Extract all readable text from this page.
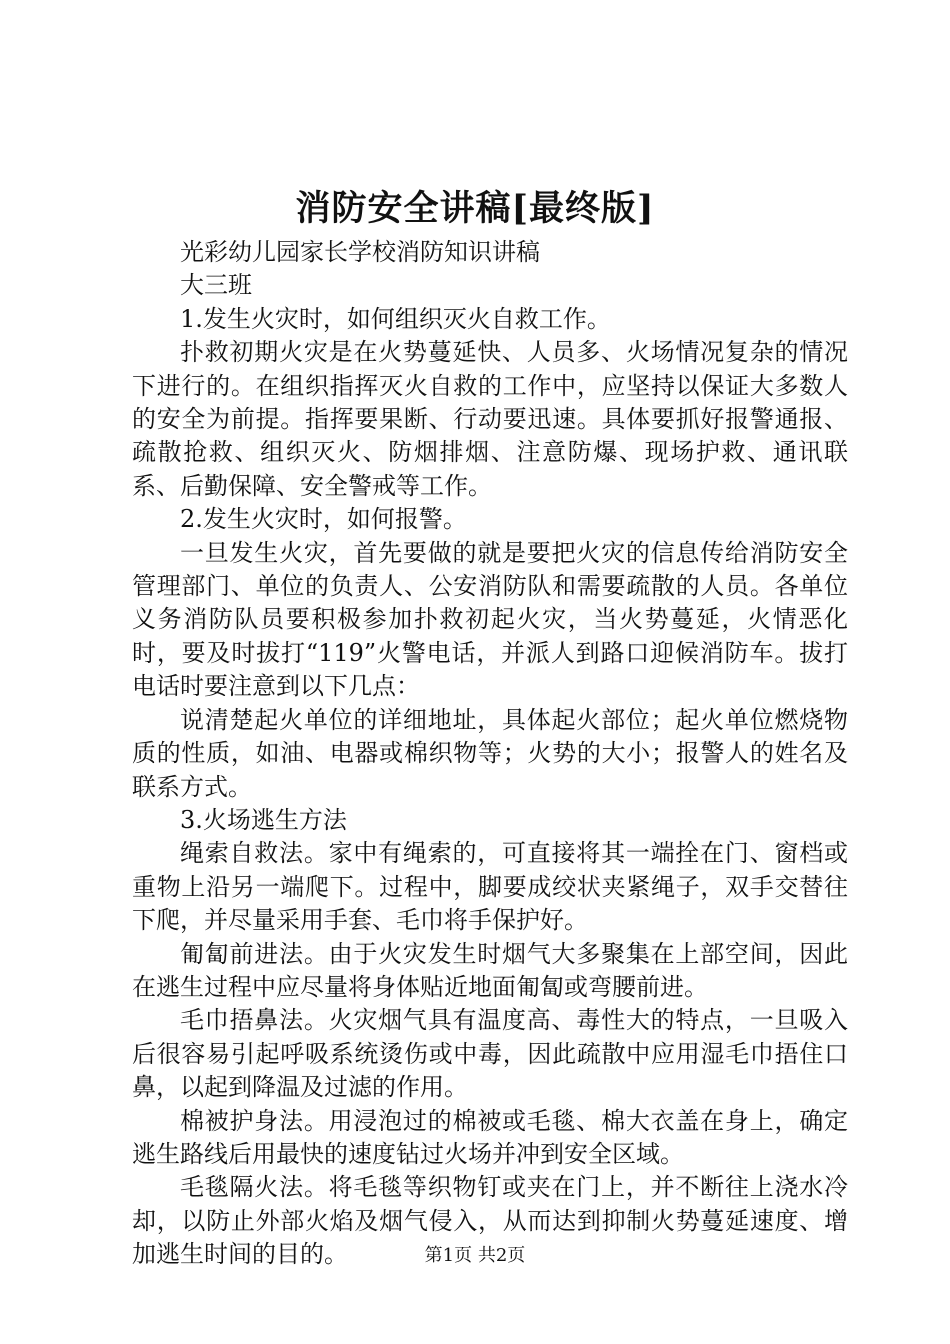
消防安全讲稿[最终版]

光彩幼儿园家长学校消防知识讲稿

大三班

1.发生火灾时，如何组织灭火自救工作。

扑救初期火灾是在火势蔓延快、人员多、火场情况复杂的情况下进行的。在组织指挥灭火自救的工作中，应坚持以保证大多数人的安全为前提。指挥要果断、行动要迅速。具体要抓好报警通报、疏散抢救、组织灭火、防烟排烟、注意防爆、现场护救、通讯联系、后勤保障、安全警戒等工作。

2.发生火灾时，如何报警。

一旦发生火灾，首先要做的就是要把火灾的信息传给消防安全管理部门、单位的负责人、公安消防队和需要疏散的人员。各单位义务消防队员要积极参加扑救初起火灾，当火势蔓延，火情恶化时，要及时拔打“119”火警电话，并派人到路口迎候消防车。拔打电话时要注意到以下几点：

说清楚起火单位的详细地址，具体起火部位；起火单位燃烧物质的性质，如油、电器或棉织物等；火势的大小；报警人的姓名及联系方式。

3.火场逃生方法

绳索自救法。家中有绳索的，可直接将其一端拴在门、窗档或重物上沿另一端爬下。过程中，脚要成绞状夹紧绳子，双手交替往下爬，并尽量采用手套、毛巾将手保护好。

匍匐前进法。由于火灾发生时烟气大多聚集在上部空间，因此在逃生过程中应尽量将身体贴近地面匍匐或弯腰前进。

毛巾捂鼻法。火灾烟气具有温度高、毒性大的特点，一旦吸入后很容易引起呼吸系统烫伤或中毒，因此疏散中应用湿毛巾捂住口鼻，以起到降温及过滤的作用。

棉被护身法。用浸泡过的棉被或毛毯、棉大衣盖在身上，确定逃生路线后用最快的速度钻过火场并冲到安全区域。

毛毯隔火法。将毛毯等织物钉或夹在门上，并不断往上浇水冷却，以防止外部火焰及烟气侵入，从而达到抑制火势蔓延速度、增加逃生时间的目的。	第1页 共2页
